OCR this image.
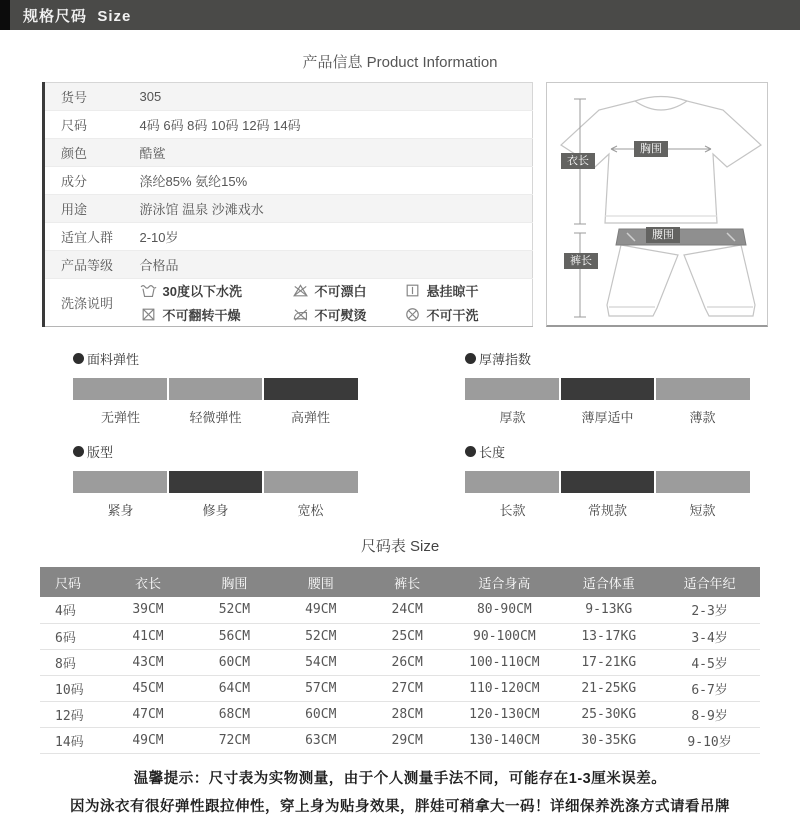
规格尺码  Size
产品信息 Product Information
货号	305
尺码	4码 6码 8码 10码 12码 14码
颜色	酷鲨
成分	涤纶85% 氨纶15%
用途	游泳馆 温泉 沙滩戏水
适宜人群	2-10岁
产品等级	合格品
洗涤说明	
30度以下水洗	不可漂白	悬挂晾干
不可翻转干燥	不可熨烫	不可干洗
衣长
胸围
腰围
裤长
面料弹性
无弹性	轻微弹性	高弹性
厚薄指数
厚款	薄厚适中	薄款
版型
紧身	修身	宽松
长度
长款	常规款	短款
尺码表 Size
尺码	衣长	胸围	腰围	裤长	适合身高	适合体重	适合年纪
4码	39CM	52CM	49CM	24CM	80-90CM	9-13KG	2-3岁
6码	41CM	56CM	52CM	25CM	90-100CM	13-17KG	3-4岁
8码	43CM	60CM	54CM	26CM	100-110CM	17-21KG	4-5岁
10码	45CM	64CM	57CM	27CM	110-120CM	21-25KG	6-7岁
12码	47CM	68CM	60CM	28CM	120-130CM	25-30KG	8-9岁
14码	49CM	72CM	63CM	29CM	130-140CM	30-35KG	9-10岁
温馨提示：尺寸表为实物测量，由于个人测量手法不同，可能存在1-3厘米误差。
因为泳衣有很好弹性跟拉伸性，穿上身为贴身效果，胖娃可稍拿大一码！详细保养洗涤方式请看吊牌
